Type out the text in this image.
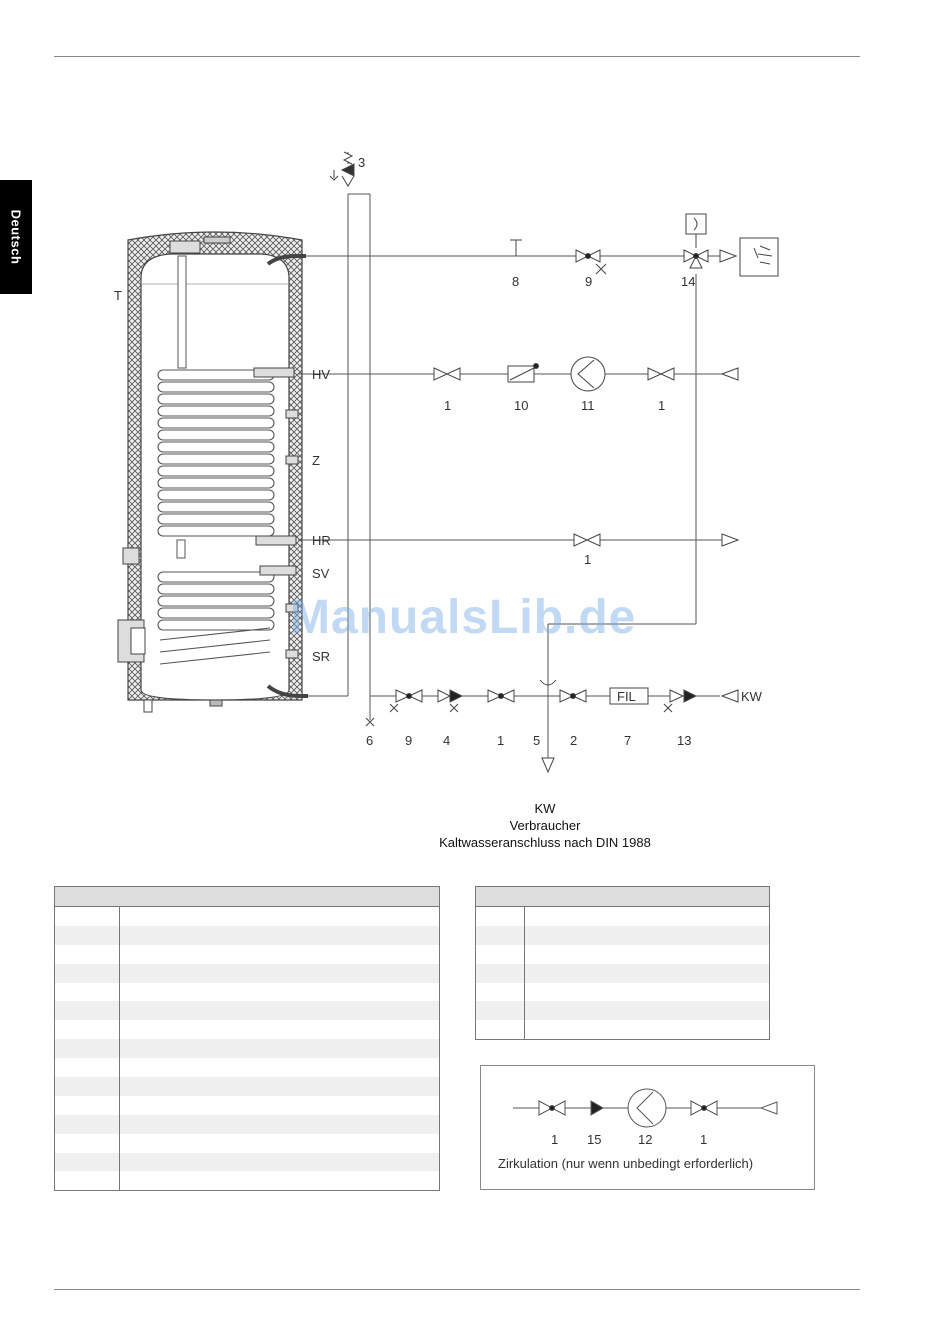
Deutsch
T
HV
Z
HR
SV
SR
3
8	9	14
1	10	11	1
1
6 9 4	1 5 2	7	13
FIL	KW
ManualsLib.de
KW
Verbraucher
Kaltwasseranschluss nach DIN 1988

1 15	12	1
Zirkulation (nur wenn unbedingt erforderlich)
